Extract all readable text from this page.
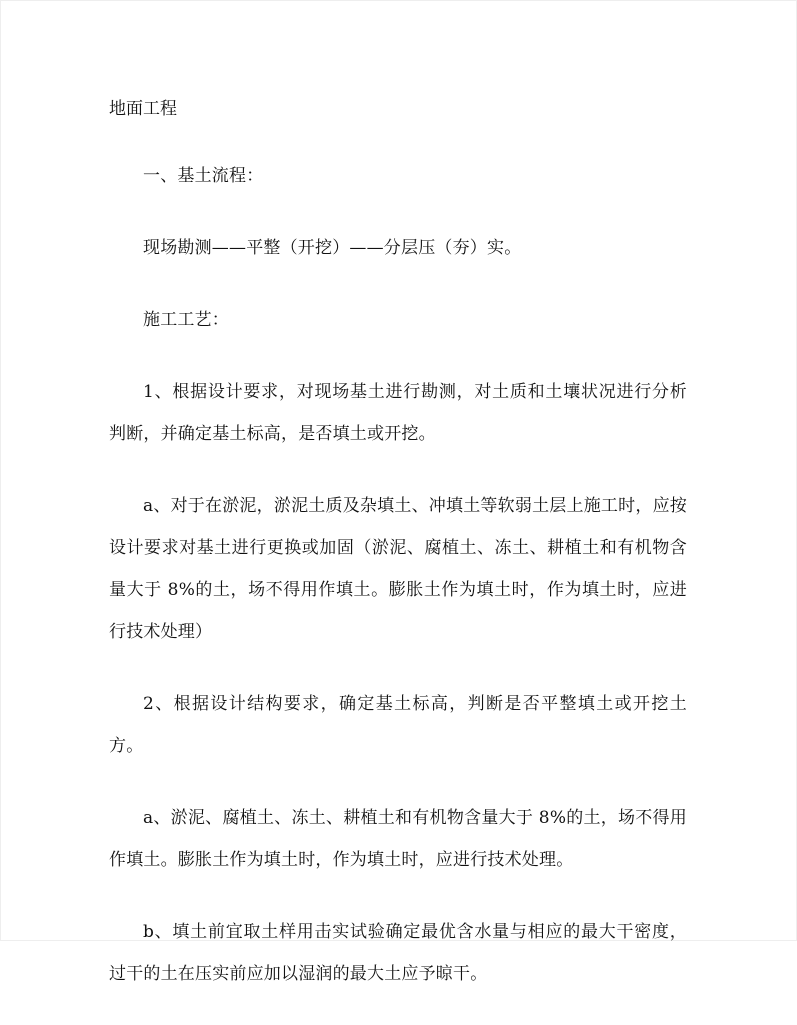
地面工程

一、基土流程：

现场勘测——平整（开挖）——分层压（夯）实。

施工工艺：

1、根据设计要求，对现场基土进行勘测，对土质和土壤状况进行分析判断，并确定基土标高，是否填土或开挖。

a、对于在淤泥，淤泥土质及杂填土、冲填土等软弱土层上施工时，应按设计要求对基土进行更换或加固（淤泥、腐植土、冻土、耕植土和有机物含量大于 8%的土，场不得用作填土。膨胀土作为填土时，作为填土时，应进行技术处理）

2、根据设计结构要求，确定基土标高，判断是否平整填土或开挖土方。

a、淤泥、腐植土、冻土、耕植土和有机物含量大于 8%的土，场不得用作填土。膨胀土作为填土时，作为填土时，应进行技术处理。

b、填土前宜取土样用击实试验确定最优含水量与相应的最大干密度，过干的土在压实前应加以湿润的最大土应予晾干。
